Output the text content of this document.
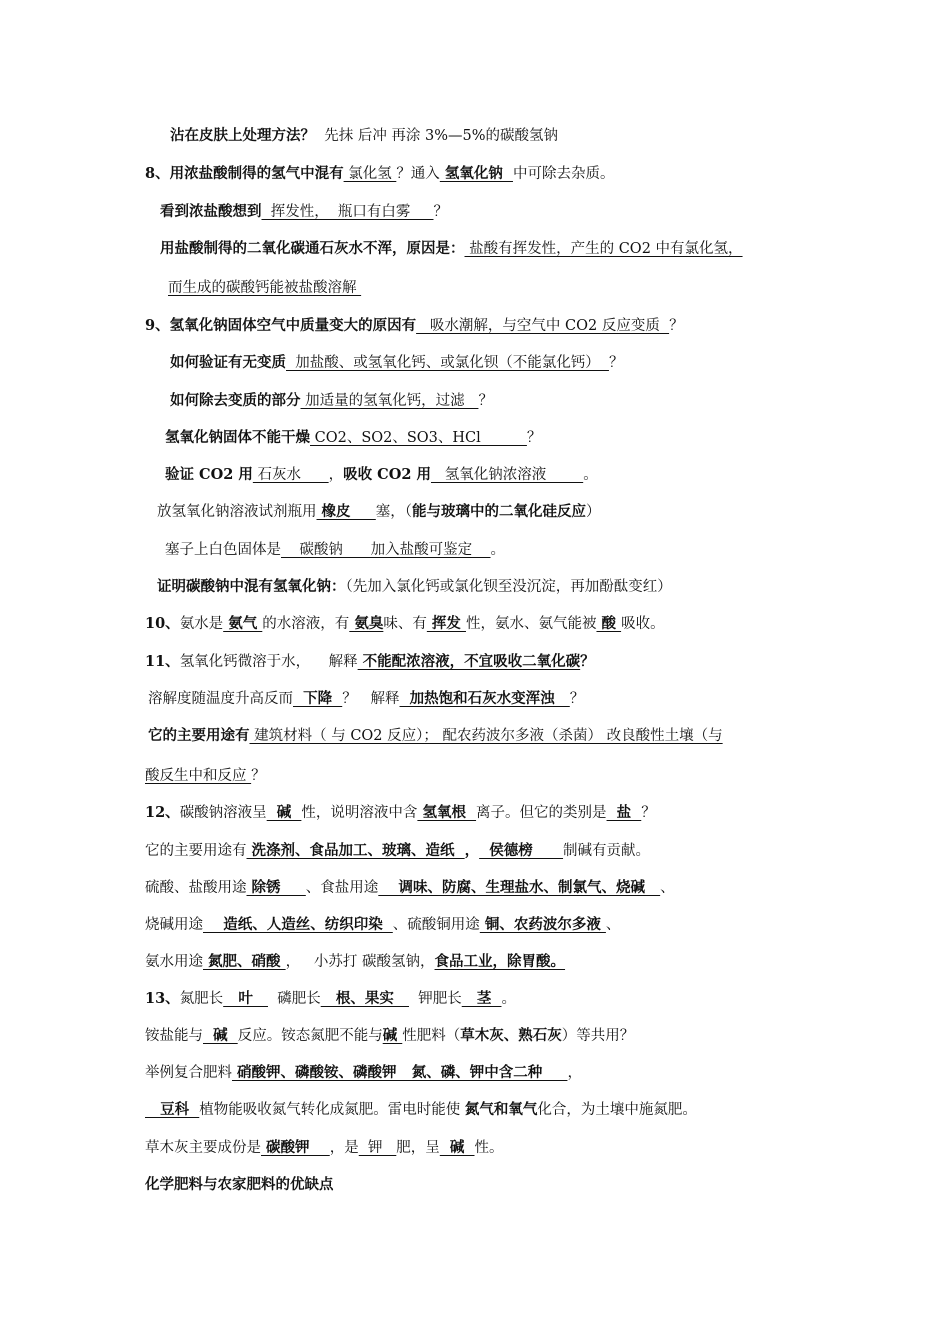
沾在皮肤上处理方法？  先抹 后冲 再涂 3%—5%的碳酸氢钠
8、用浓盐酸制得的氢气中混有 氯化氢 ？通入 氢氧化钠  中可除去杂质。
看到浓盐酸想到  挥发性，  瓶口有白雾     ？
用盐酸制得的二氧化碳通石灰水不浑，原因是： 盐酸有挥发性，产生的 CO2 中有氯化氢，
而生成的碳酸钙能被盐酸溶解
9、氢氧化钠固体空气中质量变大的原因有   吸水潮解，与空气中 CO2 反应变质  ？
如何验证有无变质  加盐酸、或氢氧化钙、或氯化钡（不能氯化钙）  ？
如何除去变质的部分 加适量的氢氧化钙，过滤   ？
氢氧化钠固体不能干燥 CO2、SO2、SO3、HCl          ？
验证 CO2 用 石灰水      ，吸收 CO2 用   氢氧化钠浓溶液        。
放氢氧化钠溶液试剂瓶用 橡皮     塞，（能与玻璃中的二氧化硅反应）
塞子上白色固体是    碳酸钠      加入盐酸可鉴定    。
证明碳酸钠中混有氢氧化钠：（先加入氯化钙或氯化钡至没沉淀，再加酚酞变红）
10、氨水是 氨气 的水溶液，有 氨臭味、有 挥发 性，氨水、氨气能被 酸 吸收。
11、氢氧化钙微溶于水，    解释 不能配浓溶液，不宜吸收二氧化碳？
溶解度随温度升高反而  下降  ？   解释  加热饱和石灰水变浑浊   ？
它的主要用途有 建筑材料（ 与 CO2 反应）； 配农药波尔多液（杀菌） 改良酸性土壤（与
酸反生中和反应 ？
12、碳酸钠溶液呈  碱  性，说明溶液中含 氢氧根  离子。但它的类别是  盐  ？
它的主要用途有 洗涤剂、食品加工、玻璃、造纸  ，  侯德榜      制碱有贡献。
硫酸、盐酸用途 除锈     、食盐用途    调味、防腐、生理盐水、制氯气、烧碱   、
烧碱用途    造纸、人造丝、纺织印染  、硫酸铜用途 铜、农药波尔多液 、
氨水用途 氮肥、硝酸 ，   小苏打 碳酸氢钠，食品工业，除胃酸。
13、氮肥长   叶     磷肥长   根、果实     钾肥长   茎  。
铵盐能与  碱  反应。铵态氮肥不能与碱 性肥料（草木灰、熟石灰）等共用？
举例复合肥料 硝酸钾、磷酸铵、磷酸钾   氮、磷、钾中含二种     ，
豆科  植物能吸收氮气转化成氮肥。雷电时能使 氮气和氧气化合，为土壤中施氮肥。
草木灰主要成份是 碳酸钾    ，是  钾   肥，呈  碱  性。
化学肥料与农家肥料的优缺点
